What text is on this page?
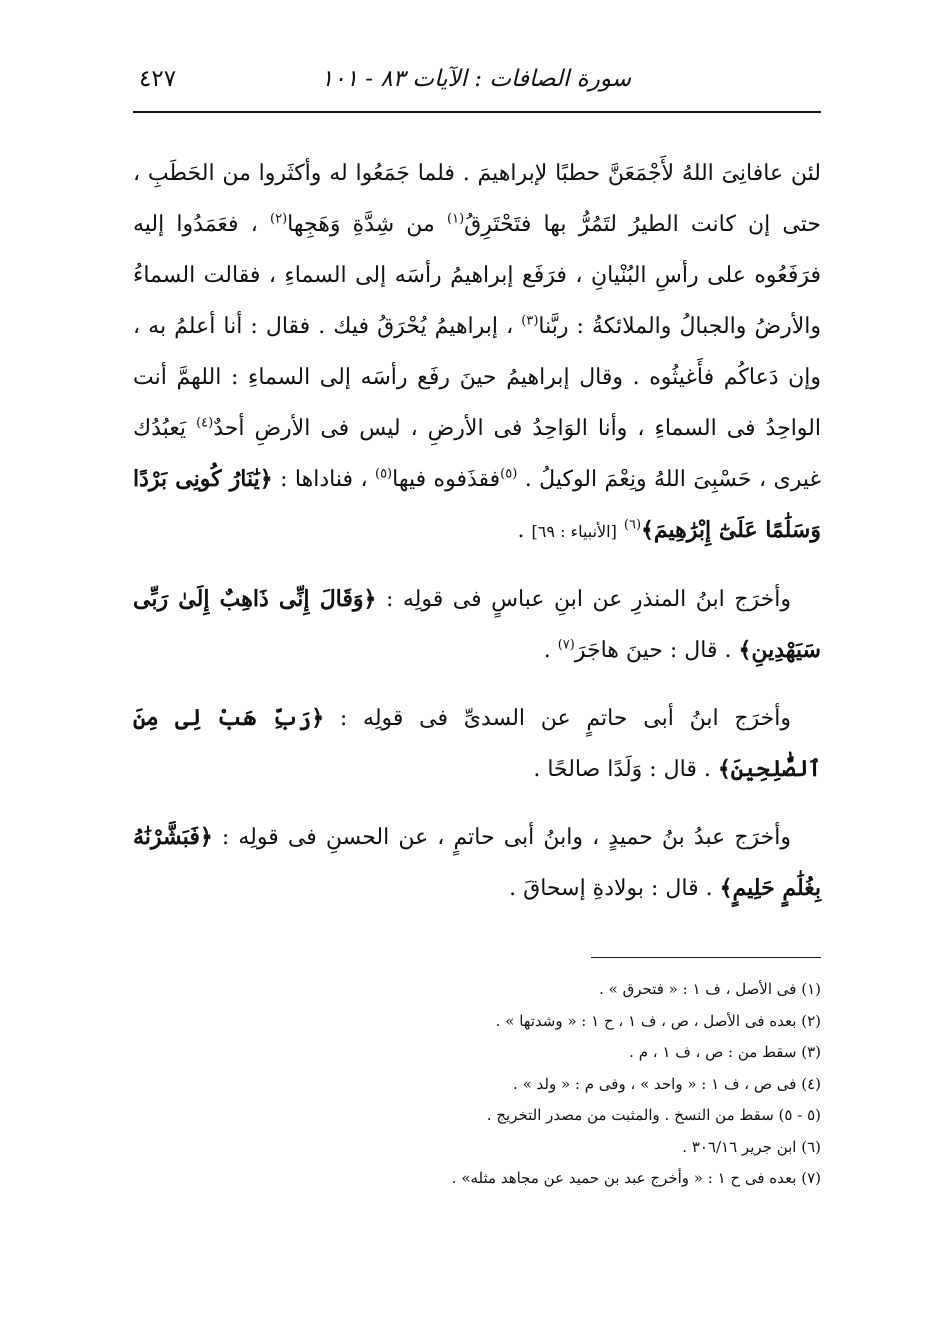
سورة الصافات : الآيات ٨٣ - ١٠١
٤٢٧

لئن عافانِىَ اللهُ لأَجْمَعَنَّ حطبًا لإبراهيمَ . فلما جَمَعُوا له وأكثَروا من الحَطَبِ ، حتى إن كانت الطيرُ لتَمُرُّ بها فتَحْتَرِقُ$^{(١)}$ من شِدَّةِ وَهَجِها$^{(٢)}$ ، فعَمَدُوا إليه فرَفَعُوه على رأسِ البُنْيانِ ، فرَفَع إبراهيمُ رأسَه إلى السماءِ ، فقالت السماءُ والأرضُ والجبالُ والملائكةُ : ربَّنا$^{(٣)}$ ، إبراهيمُ يُحْرَقُ فيك . فقال : أنا أعلمُ به ، وإن دَعاكُم فأَغيثُوه . وقال إبراهيمُ حينَ رفَع رأسَه إلى السماءِ : اللهمَّ أنت الواحِدُ فى السماءِ ، وأنا الوَاحِدُ فى الأرضِ ، ليس فى الأرضِ أحدٌ$^{(٤)}$ يَعبُدُك غيرى ، حَسْبِىَ اللهُ ونِعْمَ الوكيلُ . $^{(٥)}$فقذَفوه فيها$^{(٥)}$ ، فناداها : ﴿يَٰنَارُ كُونِى بَرْدًا وَسَلَٰمًا عَلَىٰٓ إِبْرَٰهِيمَ﴾$^{(٦)}$ [الأنبياء : ٦٩] .

وأخرَج ابنُ المنذرِ عن ابنِ عباسٍ فى قولِه : ﴿وَقَالَ إِنِّى ذَاهِبٌ إِلَىٰ رَبِّى سَيَهْدِينِ﴾ . قال : حينَ هاجَرَ$^{(٧)}$ .

وأخرَج ابنُ أبى حاتمٍ عن السدىِّ فى قولِه : ﴿رَبِّ هَبْ لِى مِنَ ٱلصَّٰلِحِينَ﴾ . قال : وَلَدًا صالحًا .

وأخرَج عبدُ بنُ حميدٍ ، وابنُ أبى حاتمٍ ، عن الحسنِ فى قولِه : ﴿فَبَشَّرْنَٰهُ بِغُلَٰمٍ حَلِيمٍ﴾ . قال : بولادةِ إسحاقَ .

(١) فى الأصل ، ف ١ : « فتحرق » .
(٢) بعده فى الأصل ، ص ، ف ١ ، ح ١ : « وشدتها » .
(٣) سقط من : ص ، ف ١ ، م .
(٤) فى ص ، ف ١ : « واحد » ، وفى م : « ولد » .
(٥ - ٥) سقط من النسخ . والمثبت من مصدر التخريج .
(٦) ابن جرير ٣٠٦/١٦ .
(٧) بعده فى ح ١ : « وأخرج عبد بن حميد عن مجاهد مثله» .
